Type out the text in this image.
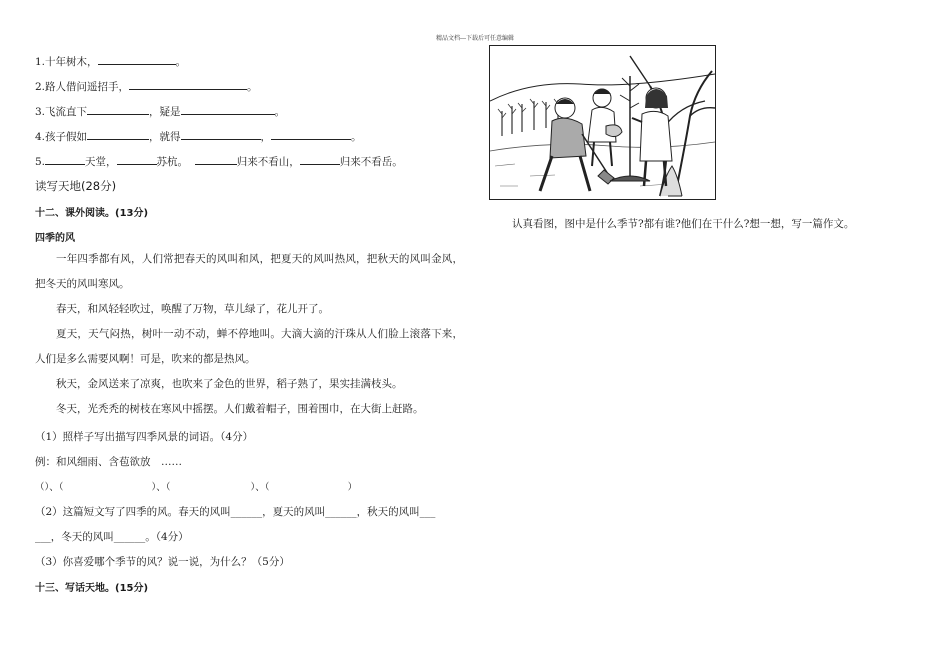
精品文档---下载后可任意编辑
1.十年树木，	。
2.路人借问遥招手，	。
3.飞流直下	，疑是	。
4.孩子假如	，就得	，	。
5.	天堂，	苏杭。	归来不看山，	归来不看岳。
读写天地(28分)
十二、课外阅读。(13分)
四季的风
一年四季都有风，人们常把春天的风叫和风，把夏天的风叫热风，把秋天的风叫金风，把冬天的风叫寒风。
春天，和风轻轻吹过，唤醒了万物，草儿绿了，花儿开了。
夏天，天气闷热，树叶一动不动，蝉不停地叫。大滴大滴的汗珠从人们脸上滚落下来，人们是多么需要风啊！可是，吹来的都是热风。
秋天，金风送来了凉爽，也吹来了金色的世界，稻子熟了，果实挂满枝头。
冬天，光秃秃的树枝在寒风中摇摆。人们戴着帽子，围着围巾，在大街上赶路。
（1）照样子写出描写四季风景的词语。（4分）
例：和风细雨、含苞欲放　……
（）、（	）、（	）、（	）
（2）这篇短文写了四季的风。春天的风叫______，夏天的风叫______，秋天的风叫___
___，冬天的风叫______。（4分）
（3）你喜爱哪个季节的风？说一说，为什么？（5分）
十三、写话天地。(15分)
认真看图，图中是什么季节?都有谁?他们在干什么?想一想，写一篇作文。
